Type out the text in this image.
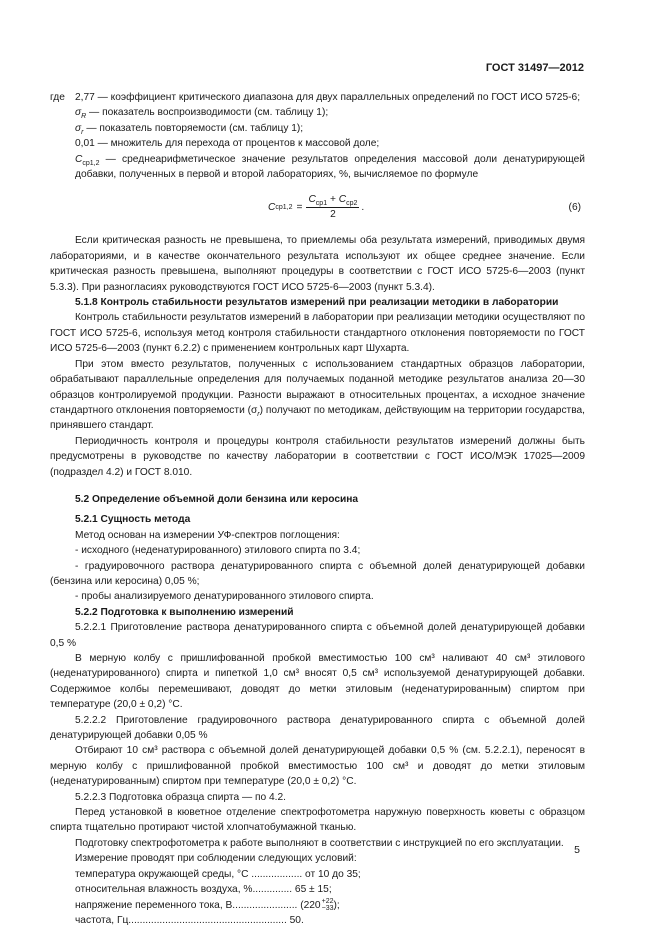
ГОСТ 31497—2012
где 2,77 — коэффициент критического диапазона для двух параллельных определений по ГОСТ ИСО 5725-6;

$\sigma_R$ — показатель воспроизводимости (см. таблицу 1);

$\sigma_r$ — показатель повторяемости (см. таблицу 1);

0,01 — множитель для перехода от процентов к массовой доле;

$C_{ср1,2}$ — среднеарифметическое значение результатов определения массовой доли денатурирующей добавки, полученных в первой и второй лабораториях, %, вычисляемое по формуле

C $ср1,2 = \frac{C_{ср1} + C_{ср2}}{2}$ .	(6)

Если критическая разность не превышена, то приемлемы оба результата измерений, приводимых двумя лабораториями, и в качестве окончательного результата используют их общее среднее значение. Если критическая разность превышена, выполняют процедуры в соответствии с ГОСТ ИСО 5725-6—2003 (пункт 5.3.3). При разногласиях руководствуются ГОСТ ИСО 5725-6—2003 (пункт 5.3.4).

5.1.8 Контроль стабильности результатов измерений при реализации методики в лаборатории

Контроль стабильности результатов измерений в лаборатории при реализации методики осуществляют по ГОСТ ИСО 5725-6, используя метод контроля стабильности стандартного отклонения повторяемости по ГОСТ ИСО 5725-6—2003 (пункт 6.2.2) с применением контрольных карт Шухарта.

При этом вместо результатов, полученных с использованием стандартных образцов лаборатории, обрабатывают параллельные определения для получаемых поданной методике результатов анализа 20—30 образцов контролируемой продукции. Разности выражают в относительных процентах, а исходное значение стандартного отклонения повторяемости $(\sigma_r)$ получают по методикам, действующим на территории государства, принявшего стандарт.

Периодичность контроля и процедуры контроля стабильности результатов измерений должны быть предусмотрены в руководстве по качеству лаборатории в соответствии с ГОСТ ИСО/МЭК 17025—2009 (подраздел 4.2) и ГОСТ 8.010.

5.2 Определение объемной доли бензина или керосина

5.2.1 Сущность метода

Метод основан на измерении УФ-спектров поглощения:

- исходного (неденатурированного) этилового спирта по 3.4;

- градуировочного раствора денатурированного спирта с объемной долей денатурирующей добавки (бензина или керосина) 0,05 %;

- пробы анализируемого денатурированного этилового спирта.

5.2.2 Подготовка к выполнению измерений

5.2.2.1 Приготовление раствора денатурированного спирта с объемной долей денатурирующей добавки 0,5 %

В мерную колбу с пришлифованной пробкой вместимостью 100 см³ наливают 40 см³ этилового (неденатурированного) спирта и пипеткой 1,0 см³ вносят 0,5 см³ используемой денатурирующей добавки. Содержимое колбы перемешивают, доводят до метки этиловым (неденатурированным) спиртом при температуре (20,0 ± 0,2) °С.

5.2.2.2 Приготовление градуировочного раствора денатурированного спирта с объемной долей денатурирующей добавки 0,05 %

Отбирают 10 см³ раствора с объемной долей денатурирующей добавки 0,5 % (см. 5.2.2.1), переносят в мерную колбу с пришлифованной пробкой вместимостью 100 см³ и доводят до метки этиловым (неденатурированным) спиртом при температуре (20,0 ± 0,2) °С.

5.2.2.3 Подготовка образца спирта — по 4.2.

Перед установкой в кюветное отделение спектрофотометра наружную поверхность кюветы с образцом спирта тщательно протирают чистой хлопчатобумажной тканью.

Подготовку спектрофотометра к работе выполняют в соответствии с инструкцией по его эксплуатации.

Измерение проводят при соблюдении следующих условий:

температура окружающей среды, °С .................. от 10 до 35;

относительная влажность воздуха, %.............. 65 ± 15;

напряжение переменного тока, В....................... (220 +22
−33 );

частота, Гц........................................................ 50.

5
